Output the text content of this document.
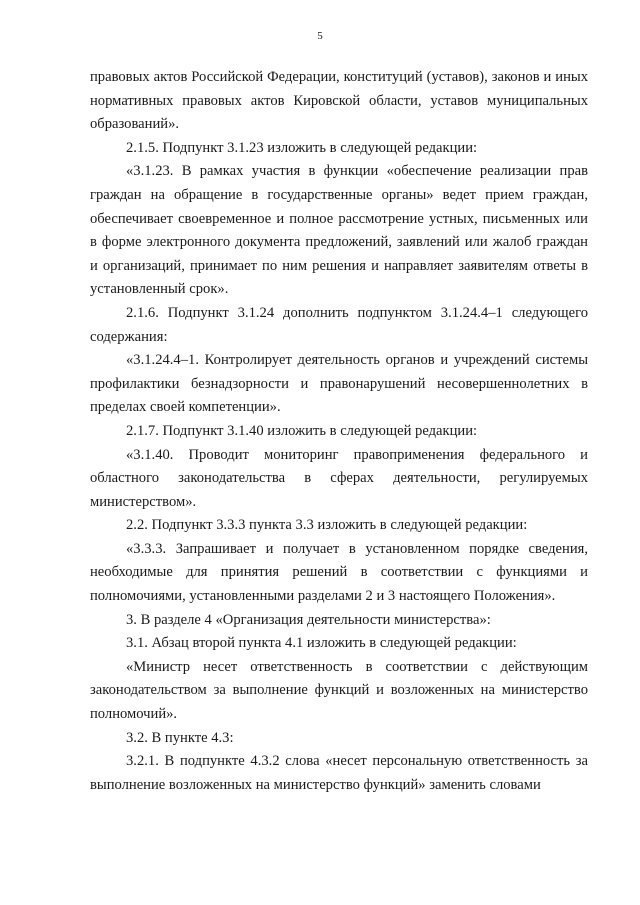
5

правовых актов Российской Федерации, конституций (уставов), законов и иных нормативных правовых актов Кировской области, уставов муниципальных образований».

2.1.5. Подпункт 3.1.23 изложить в следующей редакции:

«3.1.23. В рамках участия в функции «обеспечение реализации прав граждан на обращение в государственные органы» ведет прием граждан, обеспечивает своевременное и полное рассмотрение устных, письменных или в форме электронного документа предложений, заявлений или жалоб граждан и организаций, принимает по ним решения и направляет заявителям ответы в установленный срок».

2.1.6. Подпункт 3.1.24 дополнить подпунктом 3.1.24.4–1 следующего содержания:

«3.1.24.4–1. Контролирует деятельность органов и учреждений системы профилактики безнадзорности и правонарушений несовершеннолетних в пределах своей компетенции».

2.1.7. Подпункт 3.1.40 изложить в следующей редакции:

«3.1.40. Проводит мониторинг правоприменения федерального и областного законодательства в сферах деятельности, регулируемых министерством».

2.2. Подпункт 3.3.3 пункта 3.3 изложить в следующей редакции:

«3.3.3. Запрашивает и получает в установленном порядке сведения, необходимые для принятия решений в соответствии с функциями и полномочиями, установленными разделами 2 и 3 настоящего Положения».

3. В разделе 4 «Организация деятельности министерства»:

3.1. Абзац второй пункта 4.1 изложить в следующей редакции:

«Министр несет ответственность в соответствии с действующим законодательством за выполнение функций и возложенных на министерство полномочий».

3.2. В пункте 4.3:

3.2.1. В подпункте 4.3.2 слова «несет персональную ответственность за выполнение возложенных на министерство функций» заменить словами
